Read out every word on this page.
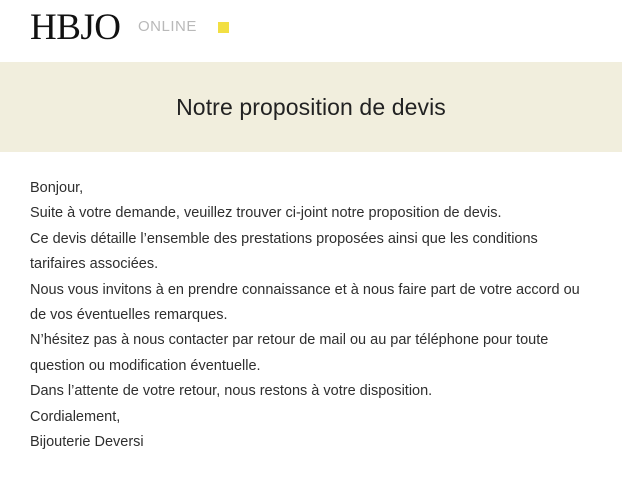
HBJO ONLINE
Notre proposition de devis
Bonjour,
Suite à votre demande, veuillez trouver ci-joint notre proposition de devis.
Ce devis détaille l’ensemble des prestations proposées ainsi que les conditions
tarifaires associées.
Nous vous invitons à en prendre connaissance et à nous faire part de votre accord ou
de vos éventuelles remarques.
N’hésitez pas à nous contacter par retour de mail ou au par téléphone pour toute
question ou modification éventuelle.
Dans l’attente de votre retour, nous restons à votre disposition.
Cordialement,
Bijouterie Deversi
